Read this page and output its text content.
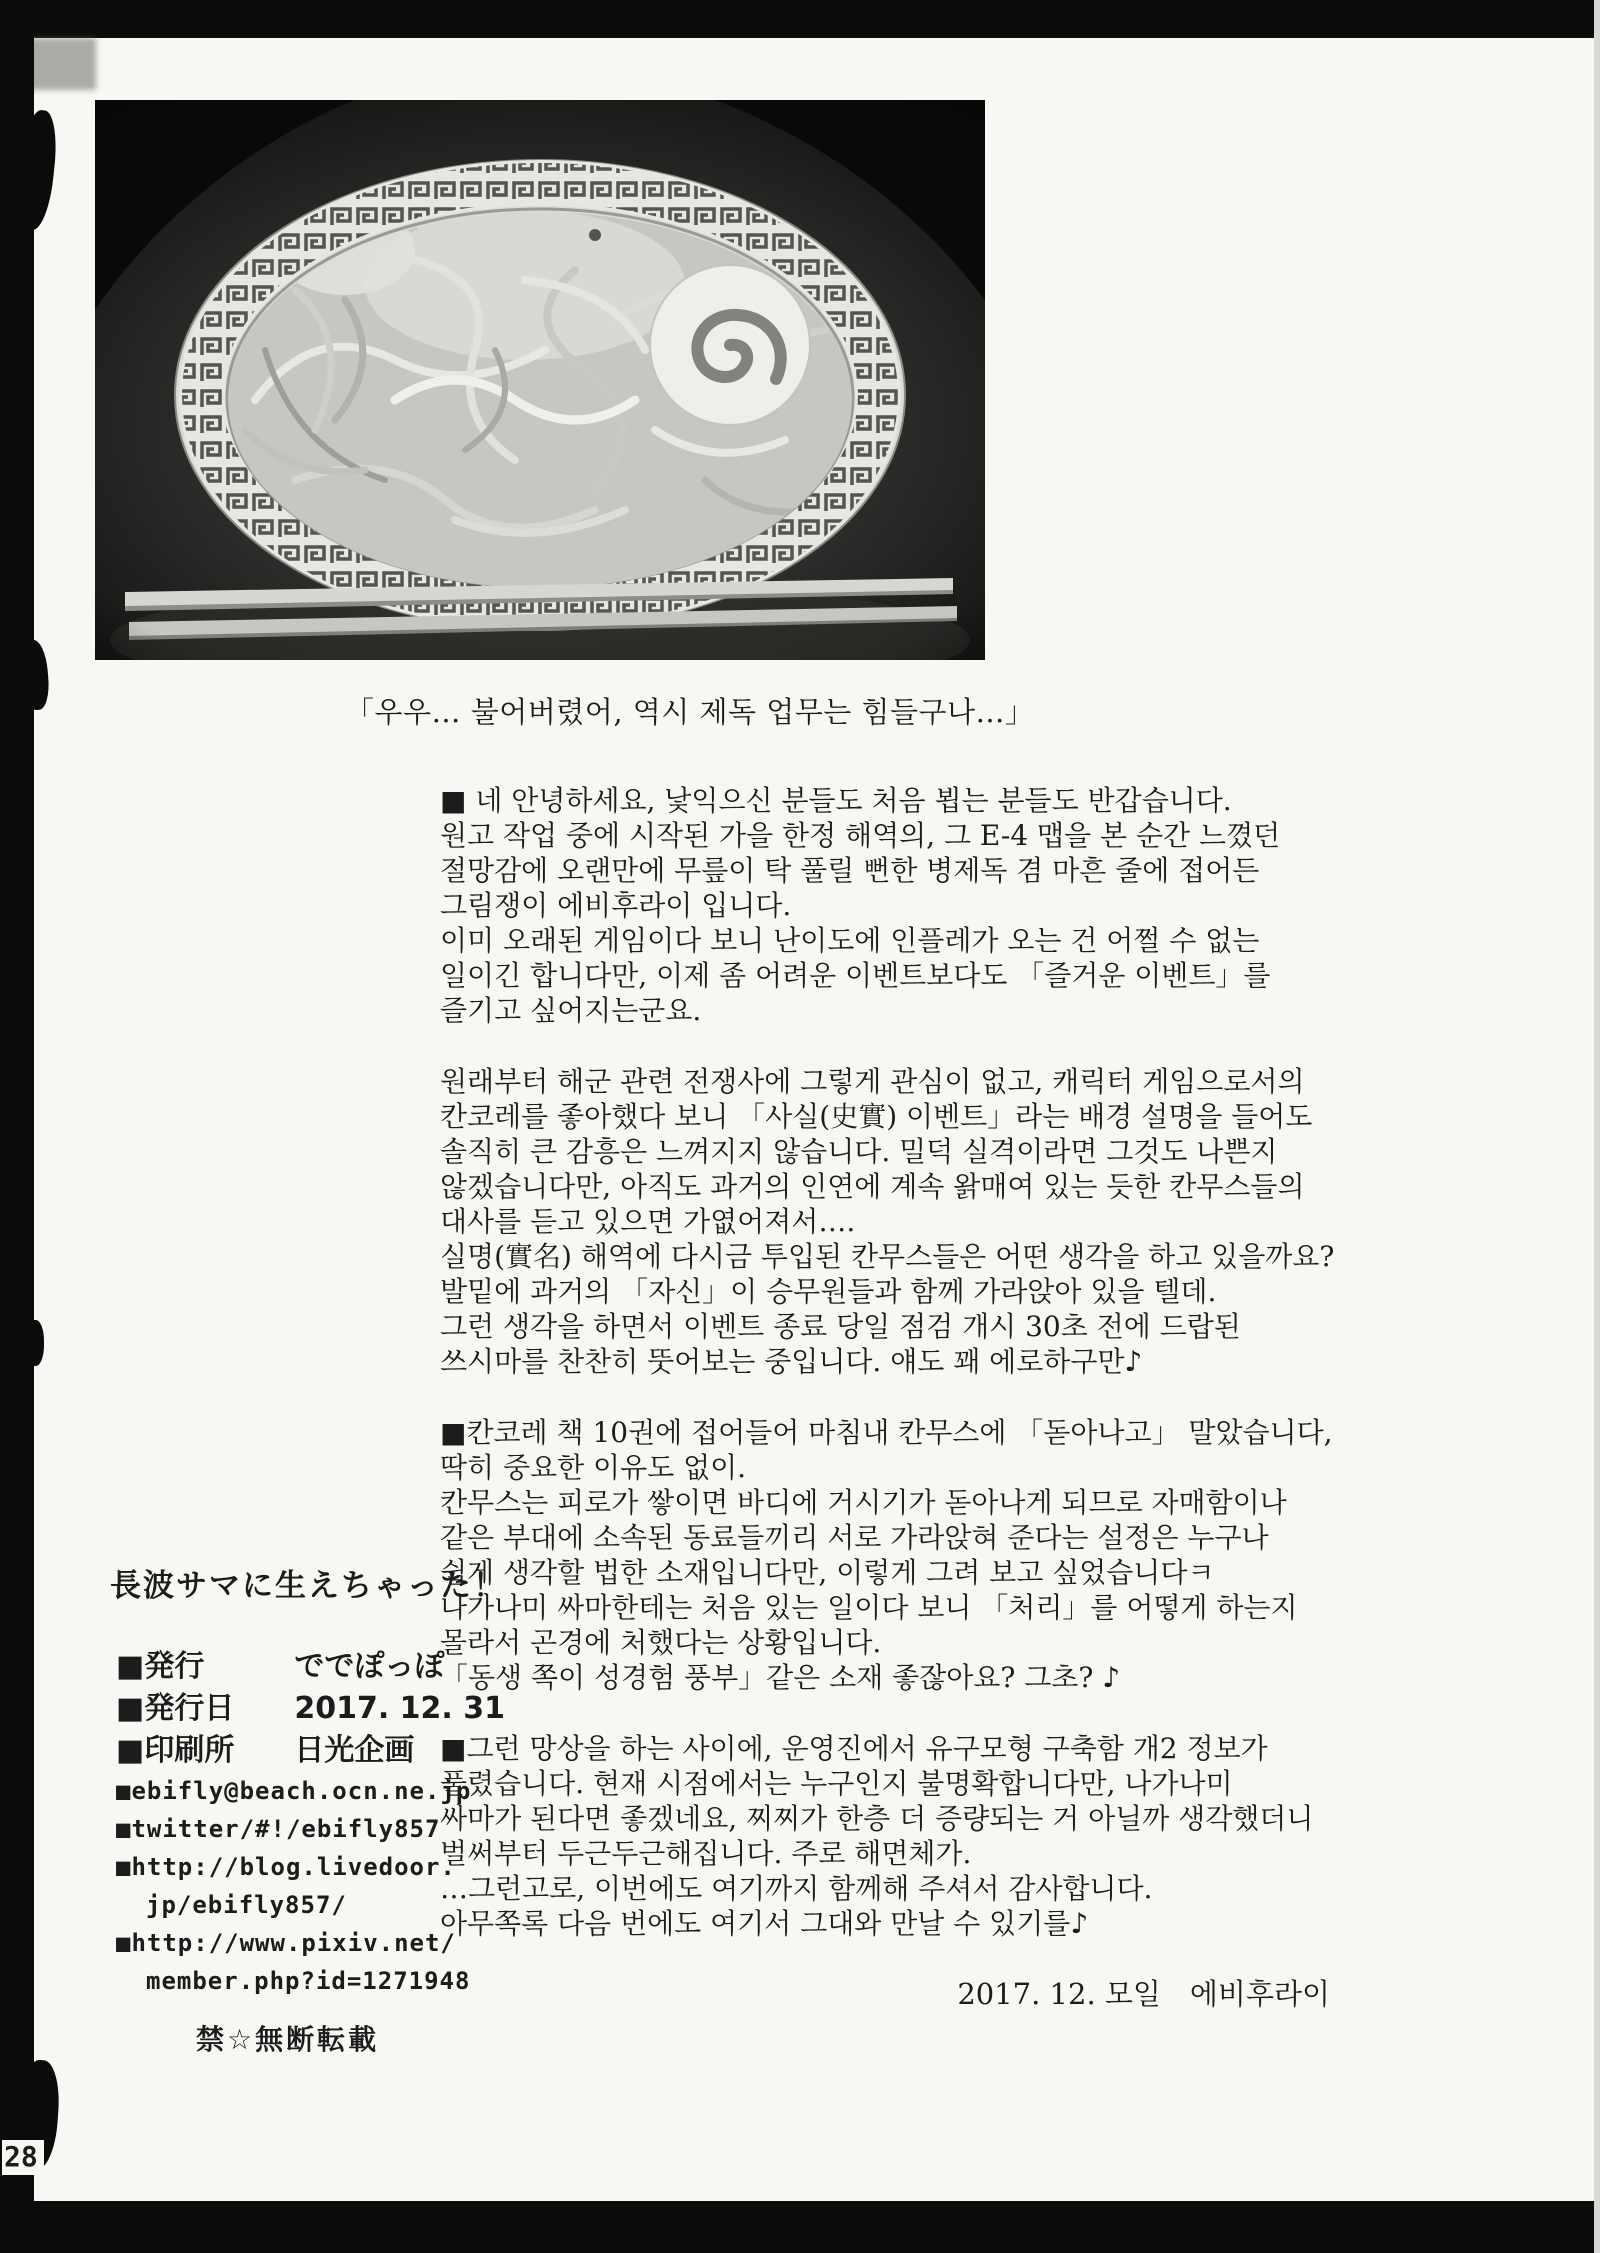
「우우… 불어버렸어, 역시 제독 업무는 힘들구나…」
■ 네 안녕하세요, 낯익으신 분들도 처음 뵙는 분들도 반갑습니다.
원고 작업 중에 시작된 가을 한정 해역의, 그 E-4 맵을 본 순간 느꼈던
절망감에 오랜만에 무릎이 탁 풀릴 뻔한 병제독 겸 마흔 줄에 접어든
그림쟁이 에비후라이 입니다.
이미 오래된 게임이다 보니 난이도에 인플레가 오는 건 어쩔 수 없는
일이긴 합니다만, 이제 좀 어려운 이벤트보다도 「즐거운 이벤트」를
즐기고 싶어지는군요.
원래부터 해군 관련 전쟁사에 그렇게 관심이 없고, 캐릭터 게임으로서의
칸코레를 좋아했다 보니 「사실(史實) 이벤트」라는 배경 설명을 들어도
솔직히 큰 감흥은 느껴지지 않습니다. 밀덕 실격이라면 그것도 나쁜지
않겠습니다만, 아직도 과거의 인연에 계속 왉매여 있는 듯한 칸무스들의
대사를 듣고 있으면 가엾어져서….
실명(實名) 해역에 다시금 투입된 칸무스들은 어떤 생각을 하고 있을까요?
발밑에 과거의 「자신」이 승무원들과 함께 가라앉아 있을 텔데.
그런 생각을 하면서 이벤트 종료 당일 점검 개시 30초 전에 드랍된
쓰시마를 찬찬히 뚯어보는 중입니다. 얘도 꽤 에로하구만♪
■칸코레 책 10권에 접어들어 마침내 칸무스에 「돋아나고」 말았습니다,
딱히 중요한 이유도 없이.
칸무스는 피로가 쌓이면 바디에 거시기가 돋아나게 되므로 자매함이나
같은 부대에 소속된 동료들끼리 서로 가라앉혀 준다는 설정은 누구나
쉽게 생각할 법한 소재입니다만, 이렇게 그려 보고 싶었습니다ㅋ
나가나미 싸마한테는 처음 있는 일이다 보니 「처리」를 어떻게 하는지
몰라서 곤경에 처했다는 상황입니다.
「동생 쪽이 성경험 풍부」같은 소재 좋잖아요? 그초? ♪
■그런 망상을 하는 사이에, 운영진에서 유구모형 구축함 개2 정보가
풀렸습니다. 현재 시점에서는 누구인지 불명확합니다만, 나가나미
싸마가 된다면 좋겠네요, 찌찌가 한층 더 증량되는 거 아닐까 생각했더니
벌써부터 두근두근해집니다. 주로 해면체가.
…그런고로, 이번에도 여기까지 함께해 주셔서 감사합니다.
아무쪽록 다음 번에도 여기서 그대와 만날 수 있기를♪
2017. 12. 모일　에비후라이
長波サマに生えちゃった！
■発行　　　ででぽっぽ
■発行日　　2017. 12. 31
■印刷所　　日光企画
■ebifly@beach.ocn.ne.jp
■twitter/#!/ebifly857
■http://blog.livedoor.
jp/ebifly857/
■http://www.pixiv.net/
member.php?id=1271948
禁☆無断転載
28
